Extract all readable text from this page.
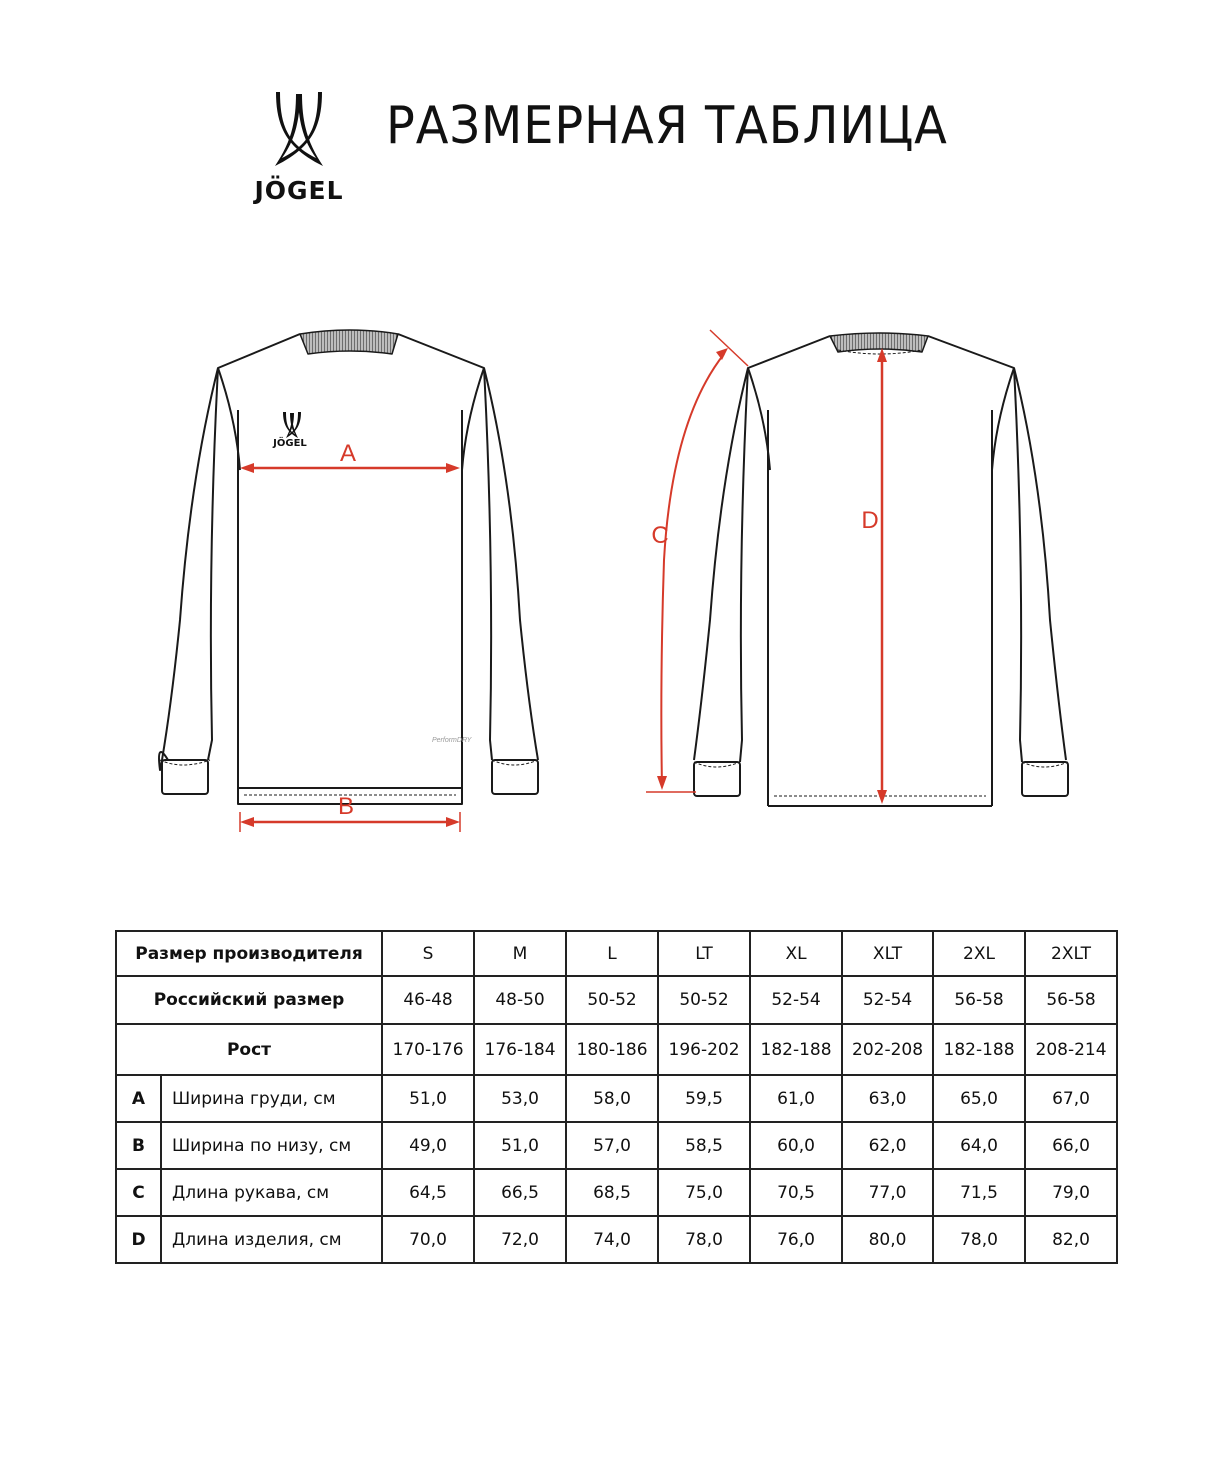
JÖGEL
РАЗМЕРНАЯ ТАБЛИЦА
JÖGEL
PerformDRY
A
B
C
D
Размер производителя		S	M	L	LT	XL	XLT	2XL	2XLT
Российский размер		46-48	48-50	50-52	50-52	52-54	52-54	56-58	56-58
Рост		170-176	176-184	180-186	196-202	182-188	202-208	182-188	208-214
A	Ширина груди, см	51,0	53,0	58,0	59,5	61,0	63,0	65,0	67,0
B	Ширина по низу, см	49,0	51,0	57,0	58,5	60,0	62,0	64,0	66,0
C	Длина рукава, см	64,5	66,5	68,5	75,0	70,5	77,0	71,5	79,0
D	Длина изделия, см	70,0	72,0	74,0	78,0	76,0	80,0	78,0	82,0
